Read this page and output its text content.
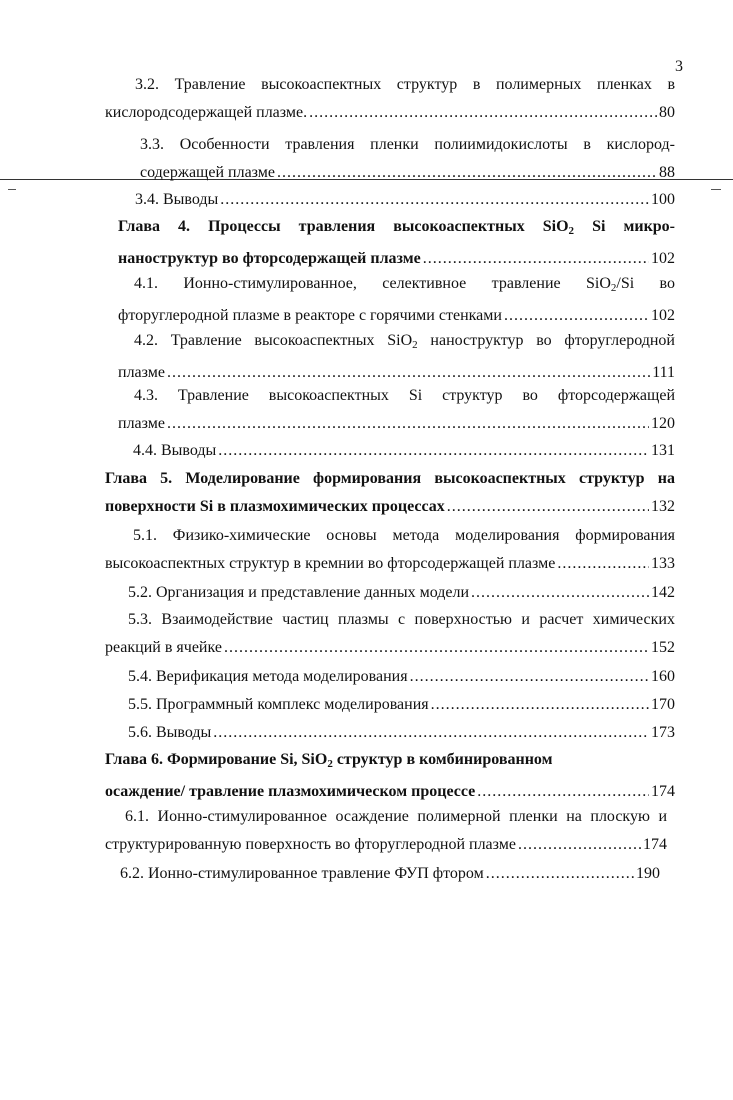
3
3.2. Травление высокоаспектных структур в полимерных пленках в
кислородсодержащей плазме. .....	80
3.3. Особенности травления пленки полиимидокислоты в кислород-
содержащей плазме .....	88
3.4. Выводы .....	100
Глава 4. Процессы травления высокоаспектных SiO$_2$ Si микро-
наноструктур во фторсодержащей плазме .....	102
4.1. Ионно-стимулированное, селективное травление SiO$_2$/Si во
фторуглеродной плазме в реакторе с горячими стенками .....	102
4.2. Травление высокоаспектных SiO$_2$ наноструктур во фторуглеродной
плазме .....	111
4.3. Травление высокоаспектных Si структур во фторсодержащей
плазме .....	120
4.4. Выводы .....	131
Глава 5. Моделирование формирования высокоаспектных структур на
поверхности Si в плазмохимических процессах .....	132
5.1. Физико-химические основы метода моделирования формирования
высокоаспектных структур в кремнии во фторсодержащей плазме .....	133
5.2. Организация и представление данных модели .....	142
5.3. Взаимодействие частиц плазмы с поверхностью и расчет химических
реакций в ячейке .....	152
5.4. Верификация метода моделирования .....	160
5.5. Программный комплекс моделирования .....	170
5.6. Выводы .....	173
Глава 6. Формирование Si, SiO$_2$ структур в комбинированном
осаждение/ травление плазмохимическом процессе .....	174
6.1. Ионно-стимулированное осаждение полимерной пленки на плоскую и
структурированную поверхность во фторуглеродной плазме .....	174
6.2. Ионно-стимулированное травление ФУП фтором .....	190
